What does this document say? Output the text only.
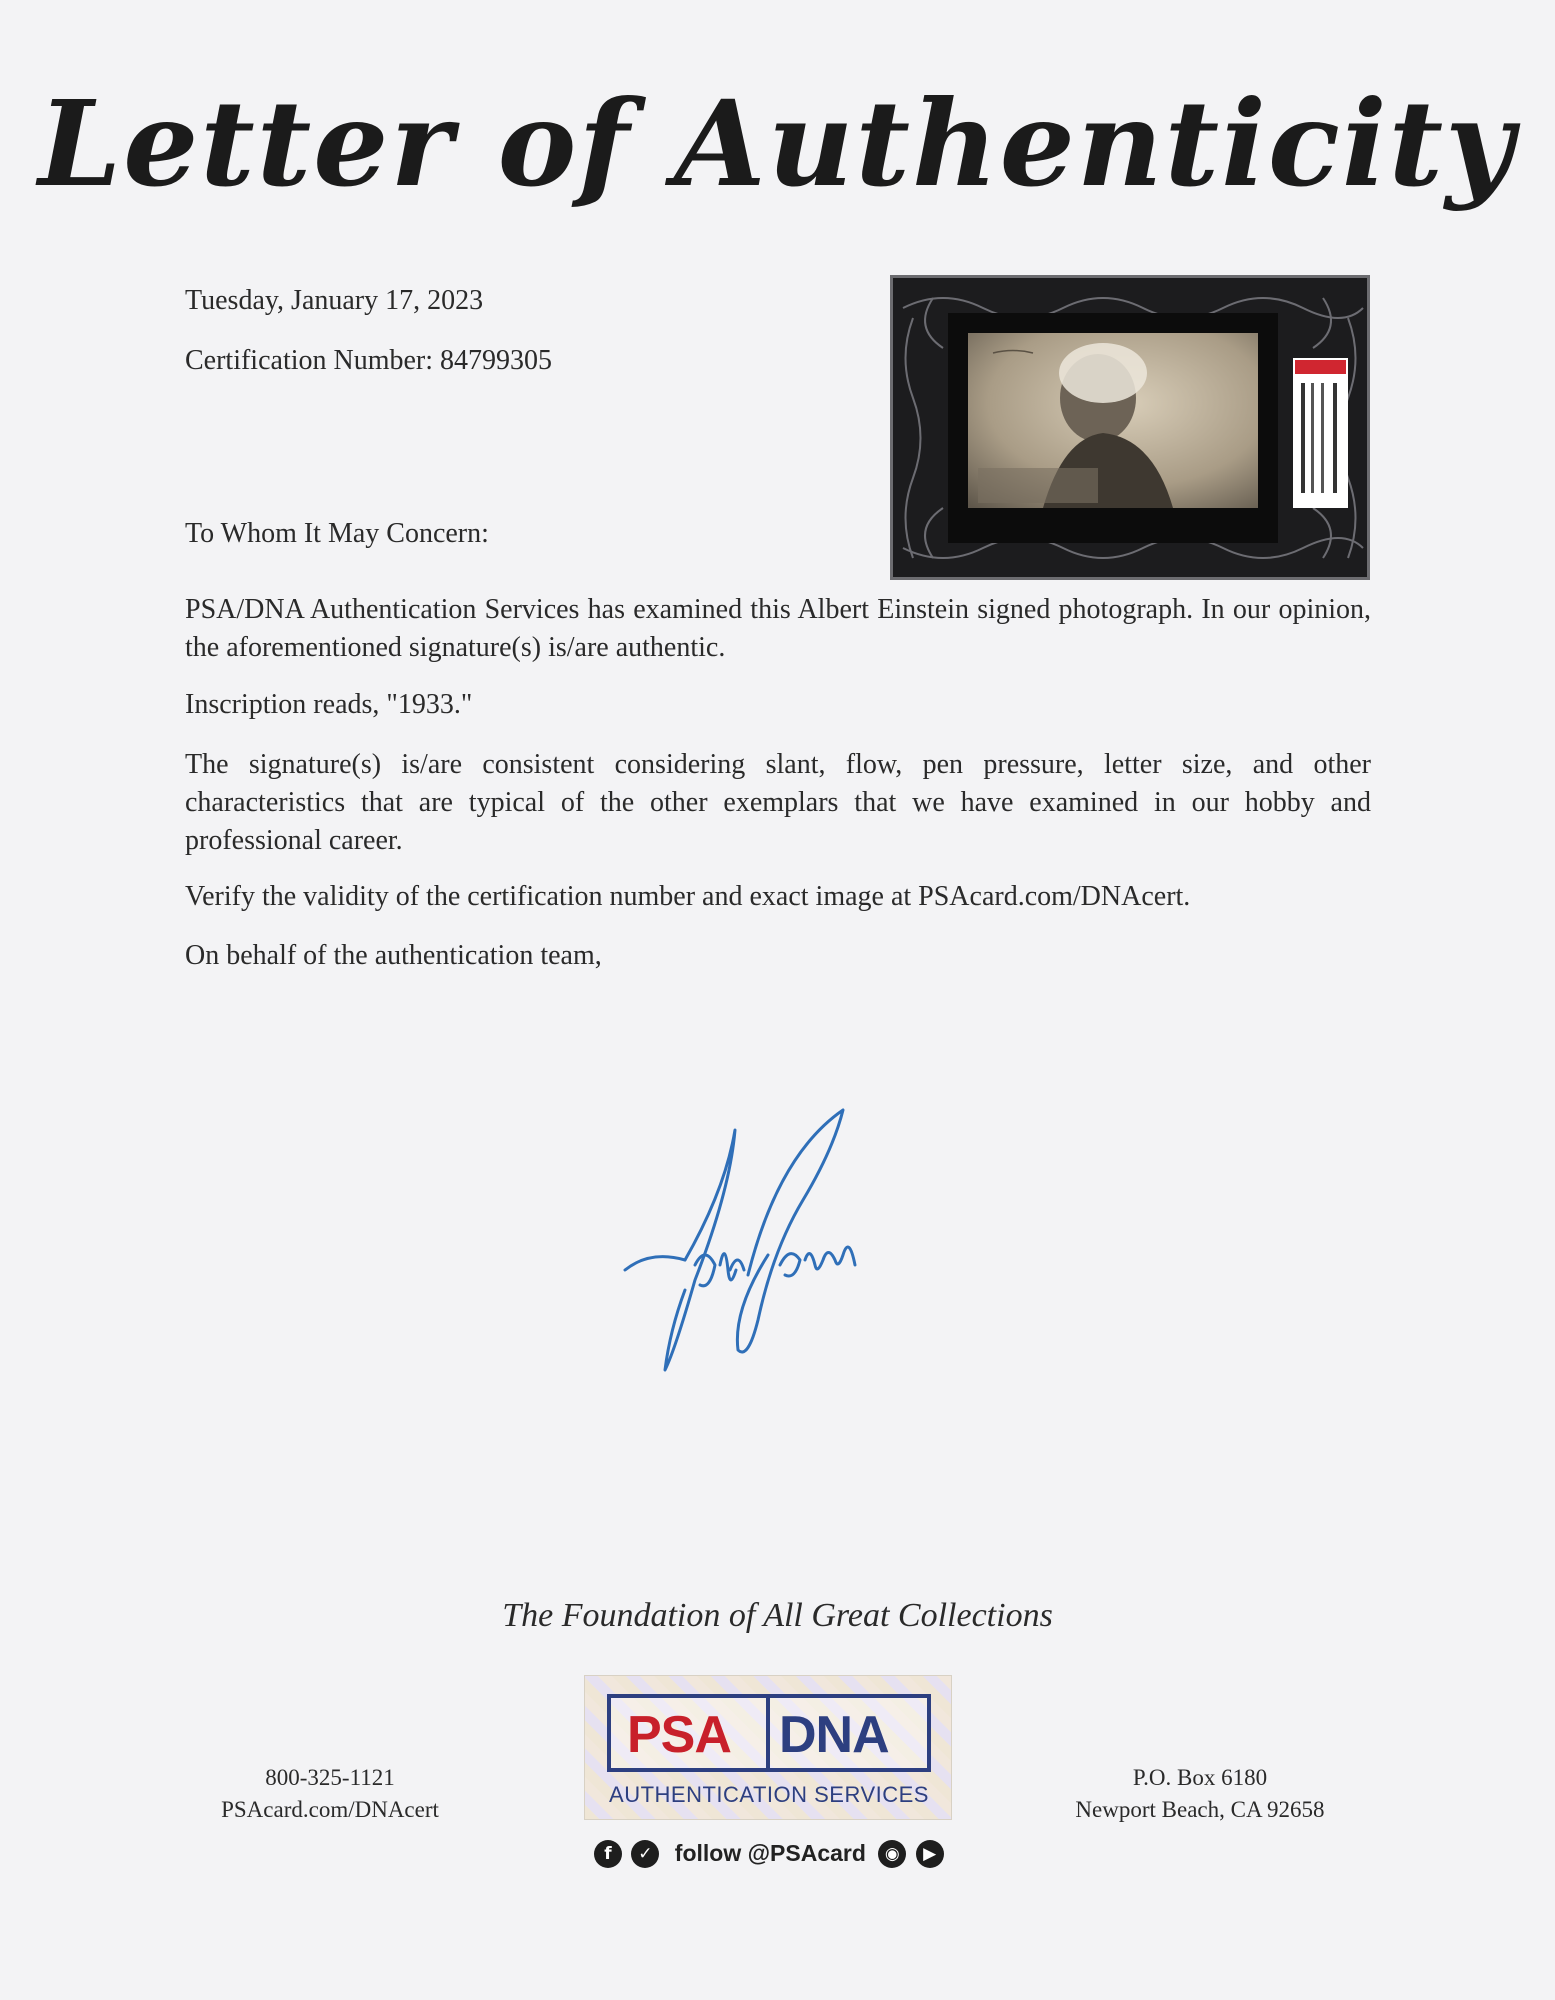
Letter of Authenticity
Tuesday, January 17, 2023
Certification Number: 84799305
To Whom It May Concern:
PSA/DNA Authentication Services has examined this Albert Einstein signed photograph. In our opinion, the aforementioned signature(s) is/are authentic.
Inscription reads, "1933."
The signature(s) is/are consistent considering slant, flow, pen pressure, letter size, and other characteristics that are typical of the other exemplars that we have examined in our hobby and professional career.
Verify the validity of the certification number and exact image at PSAcard.com/DNAcert.
On behalf of the authentication team,
The Foundation of All Great Collections
800-325-1121
PSAcard.com/DNAcert
PSA DNA
AUTHENTICATION SERVICES
f ✓ follow @PSAcard ◉ ▶
P.O. Box 6180
Newport Beach, CA 92658
